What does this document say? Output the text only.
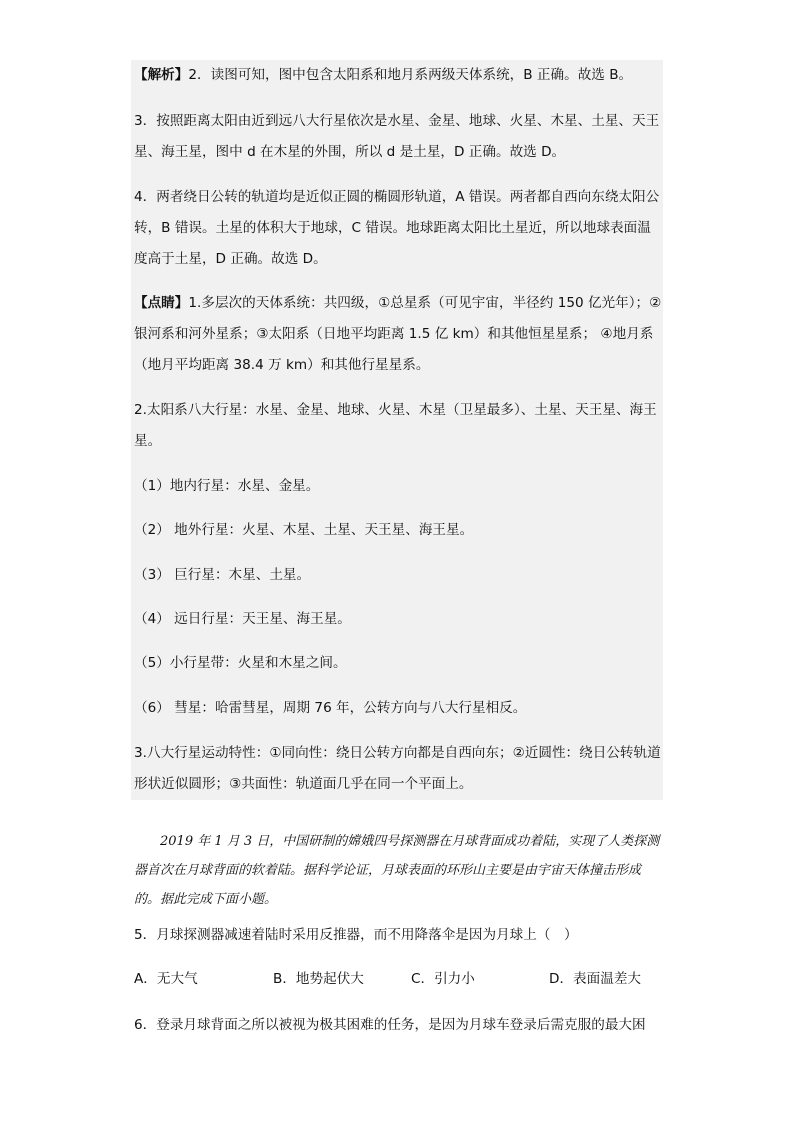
【解析】2．读图可知，图中包含太阳系和地月系两级天体系统，B 正确。故选 B。

3．按照距离太阳由近到远八大行星依次是水星、金星、地球、火星、木星、土星、天王星、海王星，图中 d 在木星的外围，所以 d 是土星，D 正确。故选 D。

4．两者绕日公转的轨道均是近似正圆的椭圆形轨道，A 错误。两者都自西向东绕太阳公转，B 错误。土星的体积大于地球，C 错误。地球距离太阳比土星近，所以地球表面温度高于土星，D 正确。故选 D。

【点睛】1.多层次的天体系统：共四级，①总星系（可见宇宙，半径约 150 亿光年）；②银河系和河外星系；③太阳系（日地平均距离 1.5 亿 km）和其他恒星星系； ④地月系（地月平均距离 38.4 万 km）和其他行星星系。

2.太阳系八大行星：水星、金星、地球、火星、木星（卫星最多）、土星、天王星、海王星。

（1）地内行星：水星、金星。

（2） 地外行星：火星、木星、土星、天王星、海王星。

（3） 巨行星：木星、土星。

（4） 远日行星：天王星、海王星。

（5）小行星带：火星和木星之间。

（6） 彗星：哈雷彗星，周期 76 年，公转方向与八大行星相反。

3.八大行星运动特性：①同向性：绕日公转方向都是自西向东；②近圆性：绕日公转轨道形状近似圆形；③共面性：轨道面几乎在同一个平面上。

2019 年 1 月 3 日，中国研制的嫦娥四号探测器在月球背面成功着陆，实现了人类探测器首次在月球背面的软着陆。据科学论证，月球表面的环形山主要是由宇宙天体撞击形成的。据此完成下面小题。

5．月球探测器减速着陆时采用反推器，而不用降落伞是因为月球上（　）

A．无大气	B．地势起伏大	C．引力小	D．表面温差大

6．登录月球背面之所以被视为极其困难的任务，是因为月球车登录后需克服的最大困
